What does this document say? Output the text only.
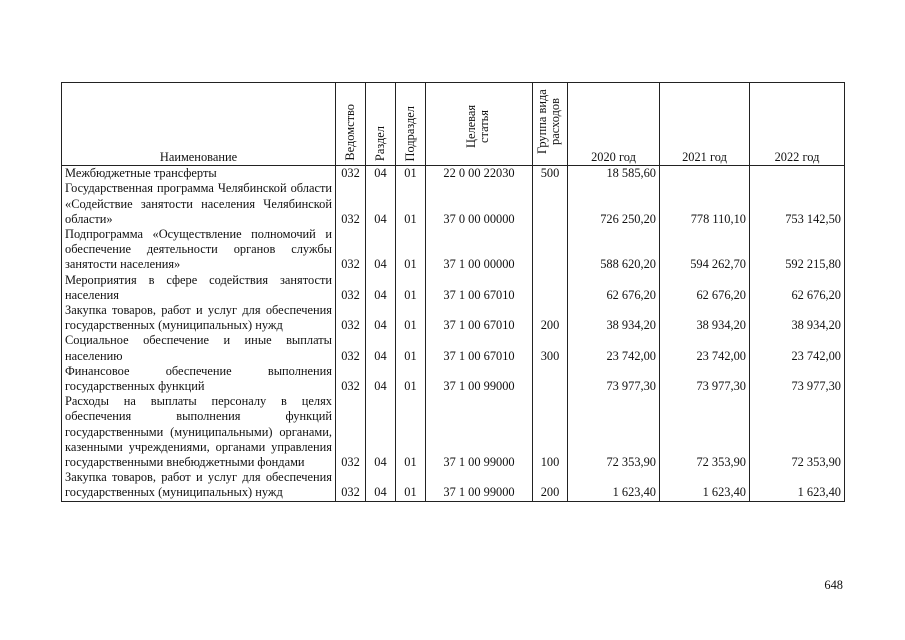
Наименование	Ведомство	Раздел	Подраздел	Целевая статья	Группа вида расходов	2020 год	2021 год	2022 год
Межбюджетные трансферты	032	04	01	22 0 00 22030	500	18 585,60		
Государственная программа Челябинской области «Содействие занятости населения Челябинской области»	032	04	01	37 0 00 00000		726 250,20	778 110,10	753 142,50
Подпрограмма «Осуществление полномочий и обеспечение деятельности органов службы занятости населения»	032	04	01	37 1 00 00000		588 620,20	594 262,70	592 215,80
Мероприятия в сфере содействия занятости населения	032	04	01	37 1 00 67010		62 676,20	62 676,20	62 676,20
Закупка товаров, работ и услуг для обеспечения государственных (муниципальных) нужд	032	04	01	37 1 00 67010	200	38 934,20	38 934,20	38 934,20
Социальное обеспечение и иные выплаты населению	032	04	01	37 1 00 67010	300	23 742,00	23 742,00	23 742,00
Финансовое обеспечение выполнения государственных функций	032	04	01	37 1 00 99000		73 977,30	73 977,30	73 977,30
Расходы на выплаты персоналу в целях обеспечения выполнения функций государственными (муниципальными) органами, казенными учреждениями, органами управления государственными внебюджетными фондами	032	04	01	37 1 00 99000	100	72 353,90	72 353,90	72 353,90
Закупка товаров, работ и услуг для обеспечения государственных (муниципальных) нужд	032	04	01	37 1 00 99000	200	1 623,40	1 623,40	1 623,40
648
